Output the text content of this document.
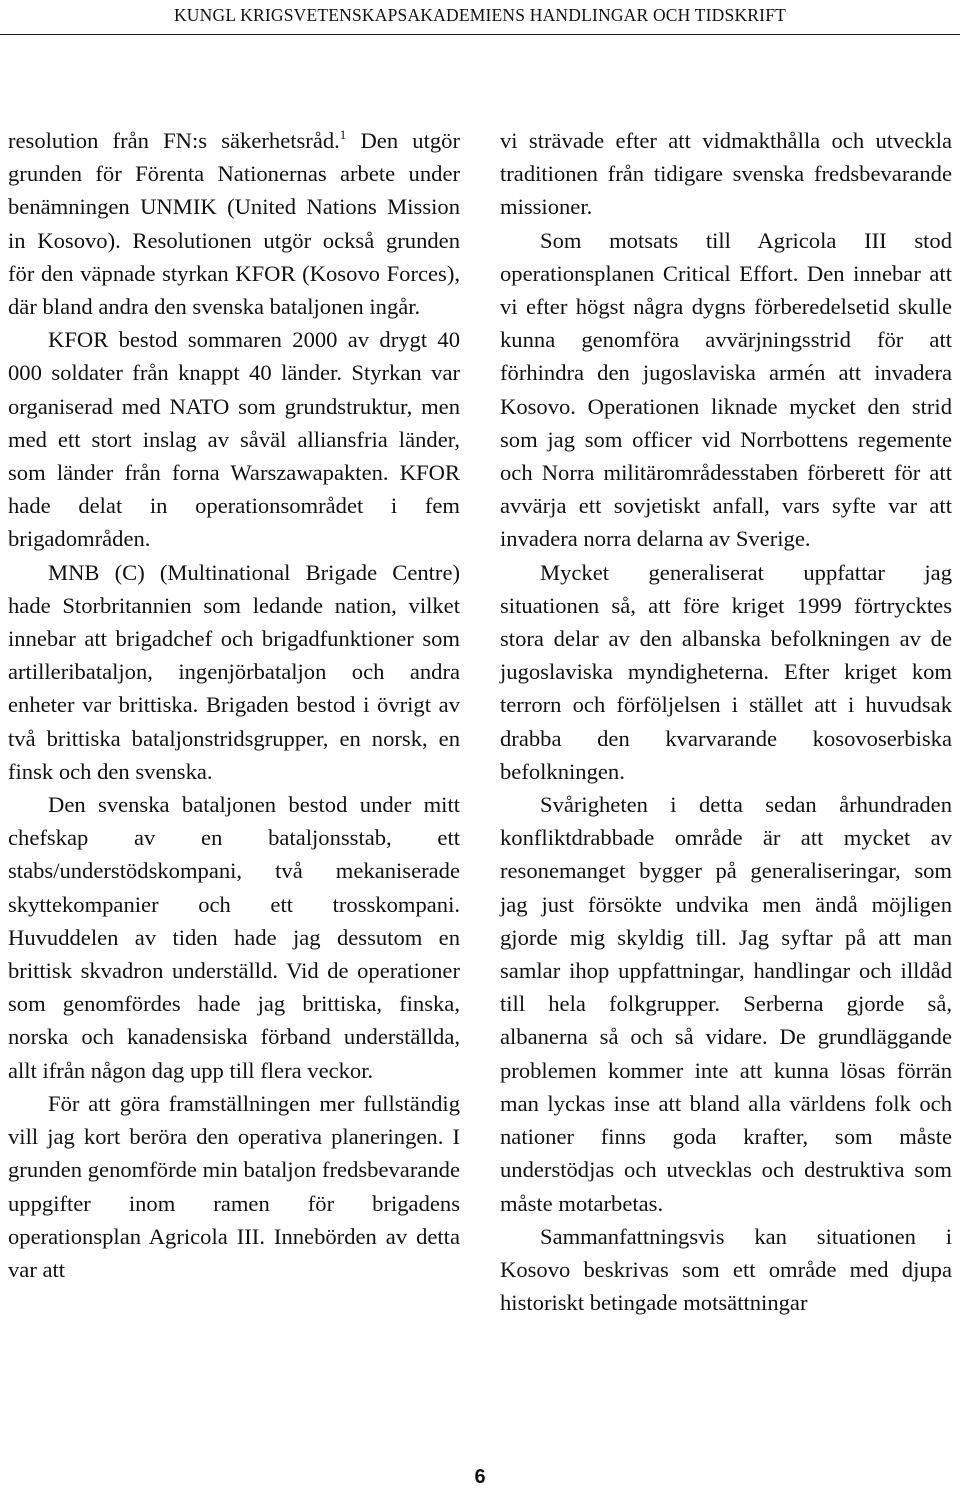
KUNGL KRIGSVETENSKAPSAKADEMIENS HANDLINGAR OCH TIDSKRIFT

resolution från FN:s säkerhetsråd.$^1$ Den utgör grunden för Förenta Nationernas arbete under benämningen UNMIK (United Nations Mission in Kosovo). Resolutionen utgör också grunden för den väpnade styrkan KFOR (Kosovo Forces), där bland andra den svenska bataljonen ingår.

KFOR bestod sommaren 2000 av drygt 40 000 soldater från knappt 40 länder. Styrkan var organiserad med NATO som grundstruktur, men med ett stort inslag av såväl alliansfria länder, som länder från forna Warszawapakten. KFOR hade delat in operationsområdet i fem brigadområden.

MNB (C) (Multinational Brigade Centre) hade Storbritannien som ledande nation, vilket innebar att brigadchef och brigadfunktioner som artilleribataljon, ingenjörbataljon och andra enheter var brittiska. Brigaden bestod i övrigt av två brittiska bataljonstridsgrupper, en norsk, en finsk och den svenska.

Den svenska bataljonen bestod under mitt chefskap av en bataljonsstab, ett stabs/understödskompani, två mekaniserade skyttekompanier och ett trosskompani. Huvuddelen av tiden hade jag dessutom en brittisk skvadron underställd. Vid de operationer som genomfördes hade jag brittiska, finska, norska och kanadensiska förband underställda, allt ifrån någon dag upp till flera veckor.

För att göra framställningen mer fullständig vill jag kort beröra den operativa planeringen. I grunden genomförde min bataljon fredsbevarande uppgifter inom ramen för brigadens operationsplan Agricola III. Innebörden av detta var att

vi strävade efter att vidmakthålla och utveckla traditionen från tidigare svenska fredsbevarande missioner.

Som motsats till Agricola III stod operationsplanen Critical Effort. Den innebar att vi efter högst några dygns förberedelsetid skulle kunna genomföra avvärjningsstrid för att förhindra den jugoslaviska armén att invadera Kosovo. Operationen liknade mycket den strid som jag som officer vid Norrbottens regemente och Norra militärområdesstaben förberett för att avvärja ett sovjetiskt anfall, vars syfte var att invadera norra delarna av Sverige.

Mycket generaliserat uppfattar jag situationen så, att före kriget 1999 förtrycktes stora delar av den albanska befolkningen av de jugoslaviska myndigheterna. Efter kriget kom terrorn och förföljelsen i stället att i huvudsak drabba den kvarvarande kosovoserbiska befolkningen.

Svårigheten i detta sedan århundraden konfliktdrabbade område är att mycket av resonemanget bygger på generaliseringar, som jag just försökte undvika men ändå möjligen gjorde mig skyldig till. Jag syftar på att man samlar ihop uppfattningar, handlingar och illdåd till hela folkgrupper. Serberna gjorde så, albanerna så och så vidare. De grundläggande problemen kommer inte att kunna lösas förrän man lyckas inse att bland alla världens folk och nationer finns goda krafter, som måste understödjas och utvecklas och destruktiva som måste motarbetas.

Sammanfattningsvis kan situationen i Kosovo beskrivas som ett område med djupa historiskt betingade motsättningar

6
